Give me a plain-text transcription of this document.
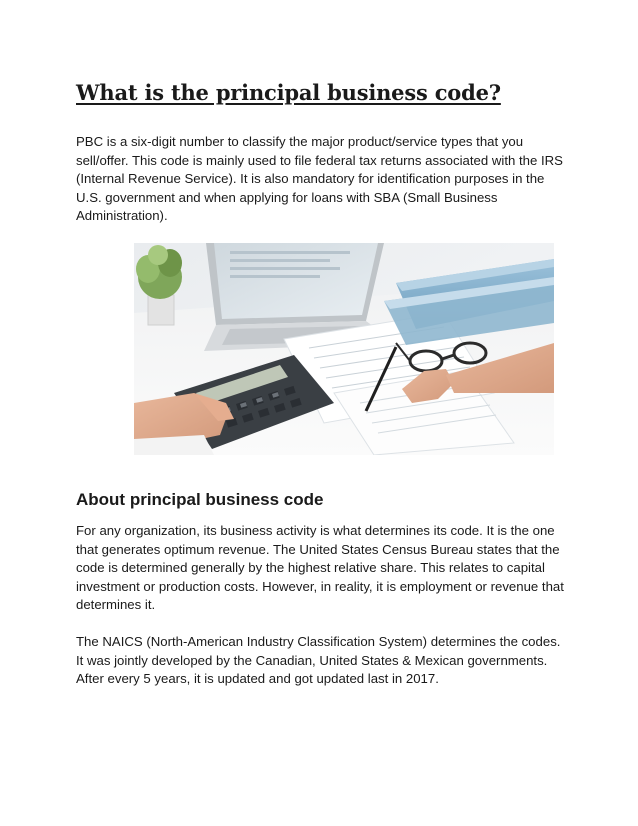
What is the principal business code?

PBC is a six-digit number to classify the major product/service types that you sell/offer. This code is mainly used to file federal tax returns associated with the IRS (Internal Revenue Service). It is also mandatory for identification purposes in the U.S. government and when applying for loans with SBA (Small Business Administration).

About principal business code

For any organization, its business activity is what determines its code. It is the one that generates optimum revenue. The United States Census Bureau states that the code is determined generally by the highest relative share. This relates to capital investment or production costs. However, in reality, it is employment or revenue that determines it.

The NAICS (North-American Industry Classification System) determines the codes. It was jointly developed by the Canadian, United States & Mexican governments. After every 5 years, it is updated and got updated last in 2017.
